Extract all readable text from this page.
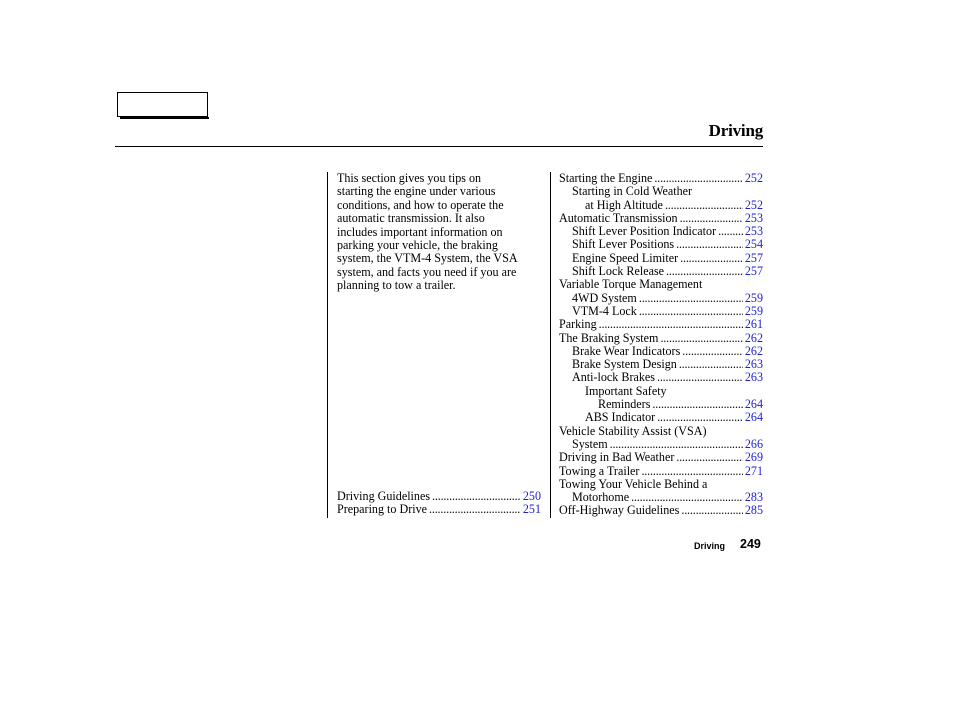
Driving
This section gives you tips on
starting the engine under various
conditions, and how to operate the
automatic transmission. It also
includes important information on
parking your vehicle, the braking
system, the VTM-4 System, the VSA
system, and facts you need if you are
planning to tow a trailer.
Driving Guidelines . . .	250
Preparing to Drive . . .	251
Starting the Engine . . .	252
Starting in Cold Weather
at High Altitude . . .	252
Automatic Transmission . . .	253
Shift Lever Position Indicator . . . 253
Shift Lever Positions . . .	254
Engine Speed Limiter . . .	257
Shift Lock Release . . .	257
Variable Torque Management
4WD System . . .	259
VTM-4 Lock . . .	259
Parking . . .	261
The Braking System . . .	262
Brake Wear Indicators . . .	262
Brake System Design . . .	263
Anti-lock Brakes . . .	263
Important Safety
Reminders . . .	264
ABS Indicator . . .	264
Vehicle Stability Assist (VSA)
System . . .	266
Driving in Bad Weather . . .	269
Towing a Trailer . . .	271
Towing Your Vehicle Behind a
Motorhome . . .	283
Off-Highway Guidelines . . .	285
Driving 249
